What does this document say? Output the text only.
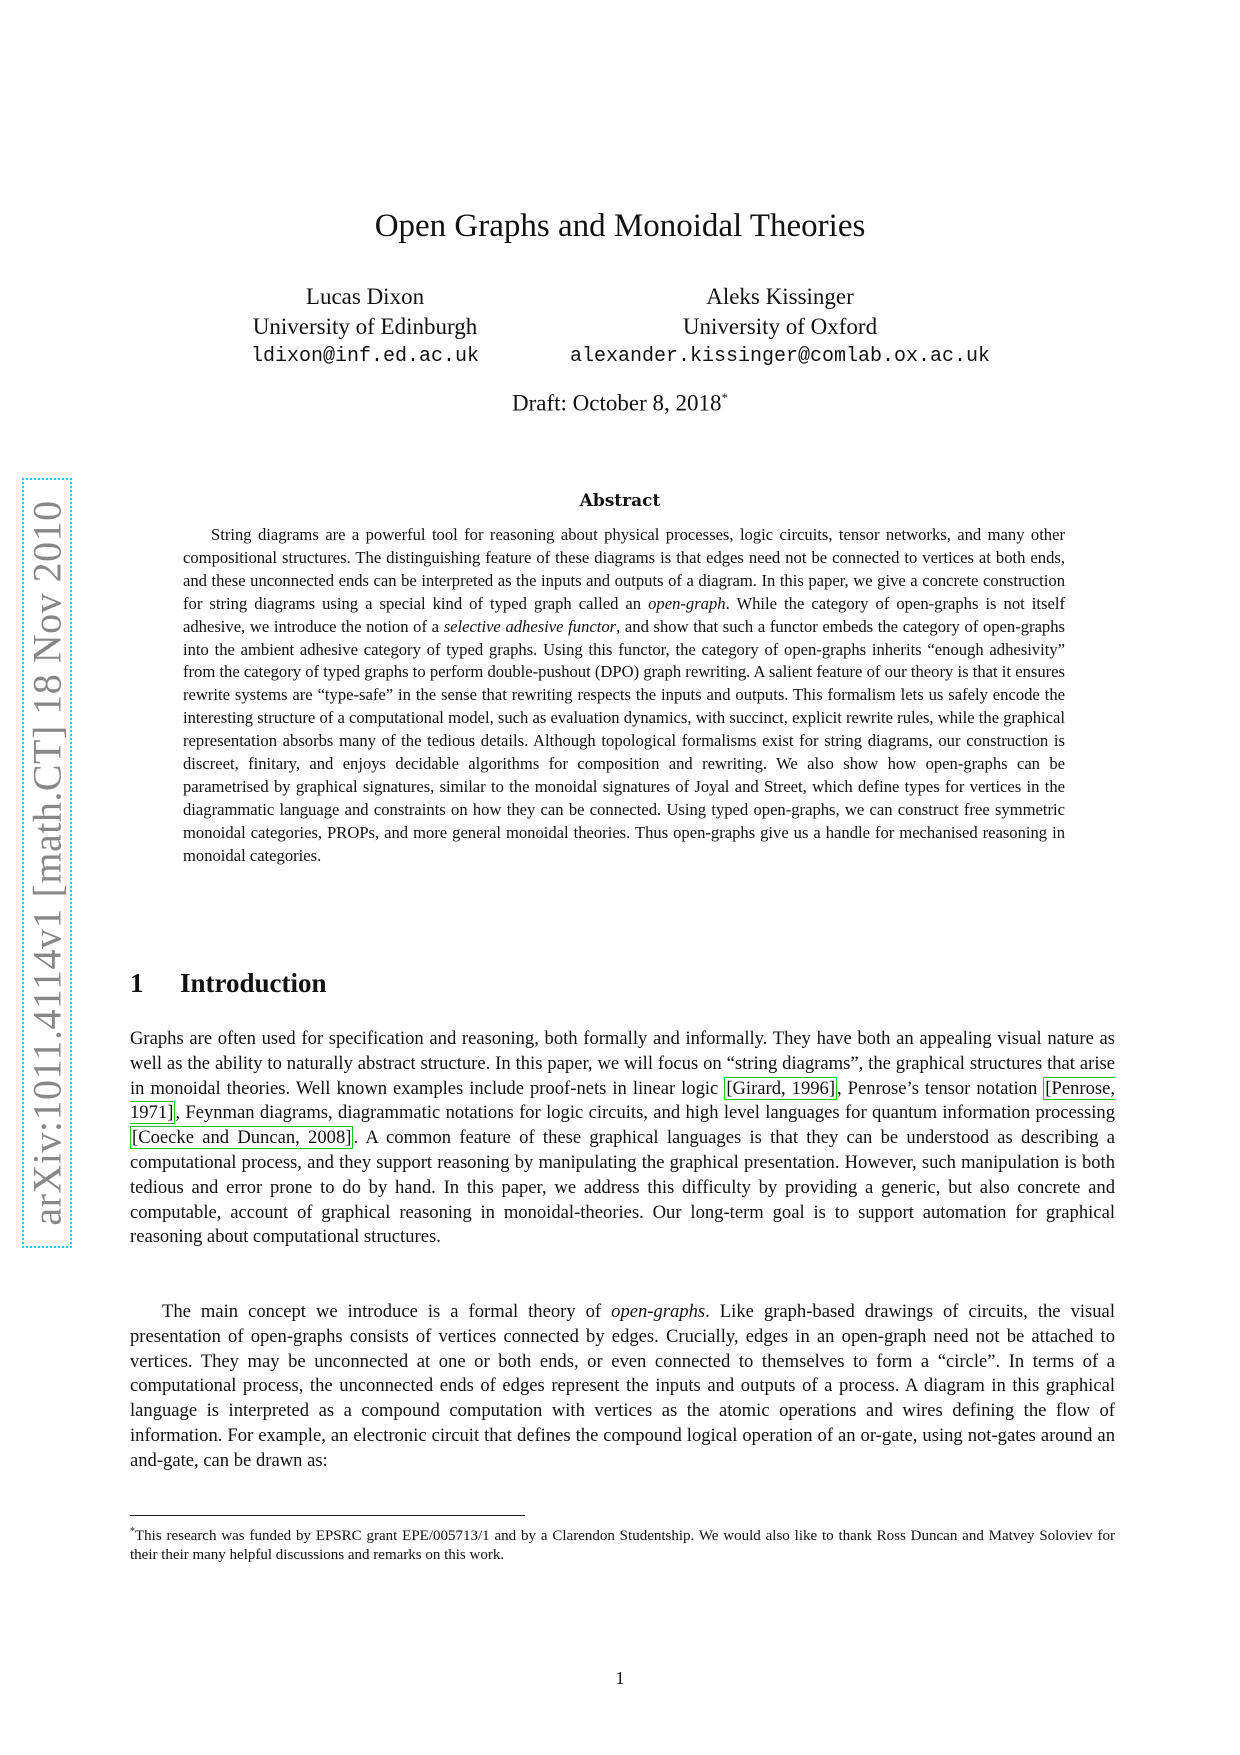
arXiv:1011.4114v1 [math.CT] 18 Nov 2010
Open Graphs and Monoidal Theories
Lucas Dixon
University of Edinburgh
ldixon@inf.ed.ac.uk
Aleks Kissinger
University of Oxford
alexander.kissinger@comlab.ox.ac.uk
Draft: October 8, 2018*
Abstract

String diagrams are a powerful tool for reasoning about physical processes, logic circuits, tensor networks, and many other compositional structures. The distinguishing feature of these diagrams is that edges need not be connected to vertices at both ends, and these unconnected ends can be interpreted as the inputs and outputs of a diagram. In this paper, we give a concrete construction for string diagrams using a special kind of typed graph called an open-graph. While the category of open-graphs is not itself adhesive, we introduce the notion of a selective adhesive functor, and show that such a functor embeds the category of open-graphs into the ambient adhesive category of typed graphs. Using this functor, the category of open-graphs inherits “enough adhesivity” from the category of typed graphs to perform double-pushout (DPO) graph rewriting. A salient feature of our theory is that it ensures rewrite systems are “type-safe” in the sense that rewriting respects the inputs and outputs. This formalism lets us safely encode the interesting structure of a computational model, such as evaluation dynamics, with succinct, explicit rewrite rules, while the graphical representation absorbs many of the tedious details. Although topological formalisms exist for string diagrams, our construction is discreet, finitary, and enjoys decidable algorithms for composition and rewriting. We also show how open-graphs can be parametrised by graphical signatures, similar to the monoidal signatures of Joyal and Street, which define types for vertices in the diagrammatic language and constraints on how they can be connected. Using typed open-graphs, we can construct free symmetric monoidal categories, PROPs, and more general monoidal theories. Thus open-graphs give us a handle for mechanised reasoning in monoidal categories.

1 Introduction

Graphs are often used for specification and reasoning, both formally and informally. They have both an appealing visual nature as well as the ability to naturally abstract structure. In this paper, we will focus on “string diagrams”, the graphical structures that arise in monoidal theories. Well known examples include proof-nets in linear logic [Girard, 1996] , Penrose’s tensor notation [Penrose, 1971] , Feynman diagrams, diagrammatic notations for logic circuits, and high level languages for quantum information processing [Coecke and Duncan, 2008] . A common feature of these graphical languages is that they can be understood as describing a computational process, and they support reasoning by manipulating the graphical presentation. However, such manipulation is both tedious and error prone to do by hand. In this paper, we address this difficulty by providing a generic, but also concrete and computable, account of graphical reasoning in monoidal-theories. Our long-term goal is to support automation for graphical reasoning about computational structures.

The main concept we introduce is a formal theory of open-graphs. Like graph-based drawings of circuits, the visual presentation of open-graphs consists of vertices connected by edges. Crucially, edges in an open-graph need not be attached to vertices. They may be unconnected at one or both ends, or even connected to themselves to form a “circle”. In terms of a computational process, the unconnected ends of edges represent the inputs and outputs of a process. A diagram in this graphical language is interpreted as a compound computation with vertices as the atomic operations and wires defining the flow of information. For example, an electronic circuit that defines the compound logical operation of an or-gate, using not-gates around an and-gate, can be drawn as:

*This research was funded by EPSRC grant EPE/005713/1 and by a Clarendon Studentship. We would also like to thank Ross Duncan and Matvey Soloviev for their their many helpful discussions and remarks on this work.

1
